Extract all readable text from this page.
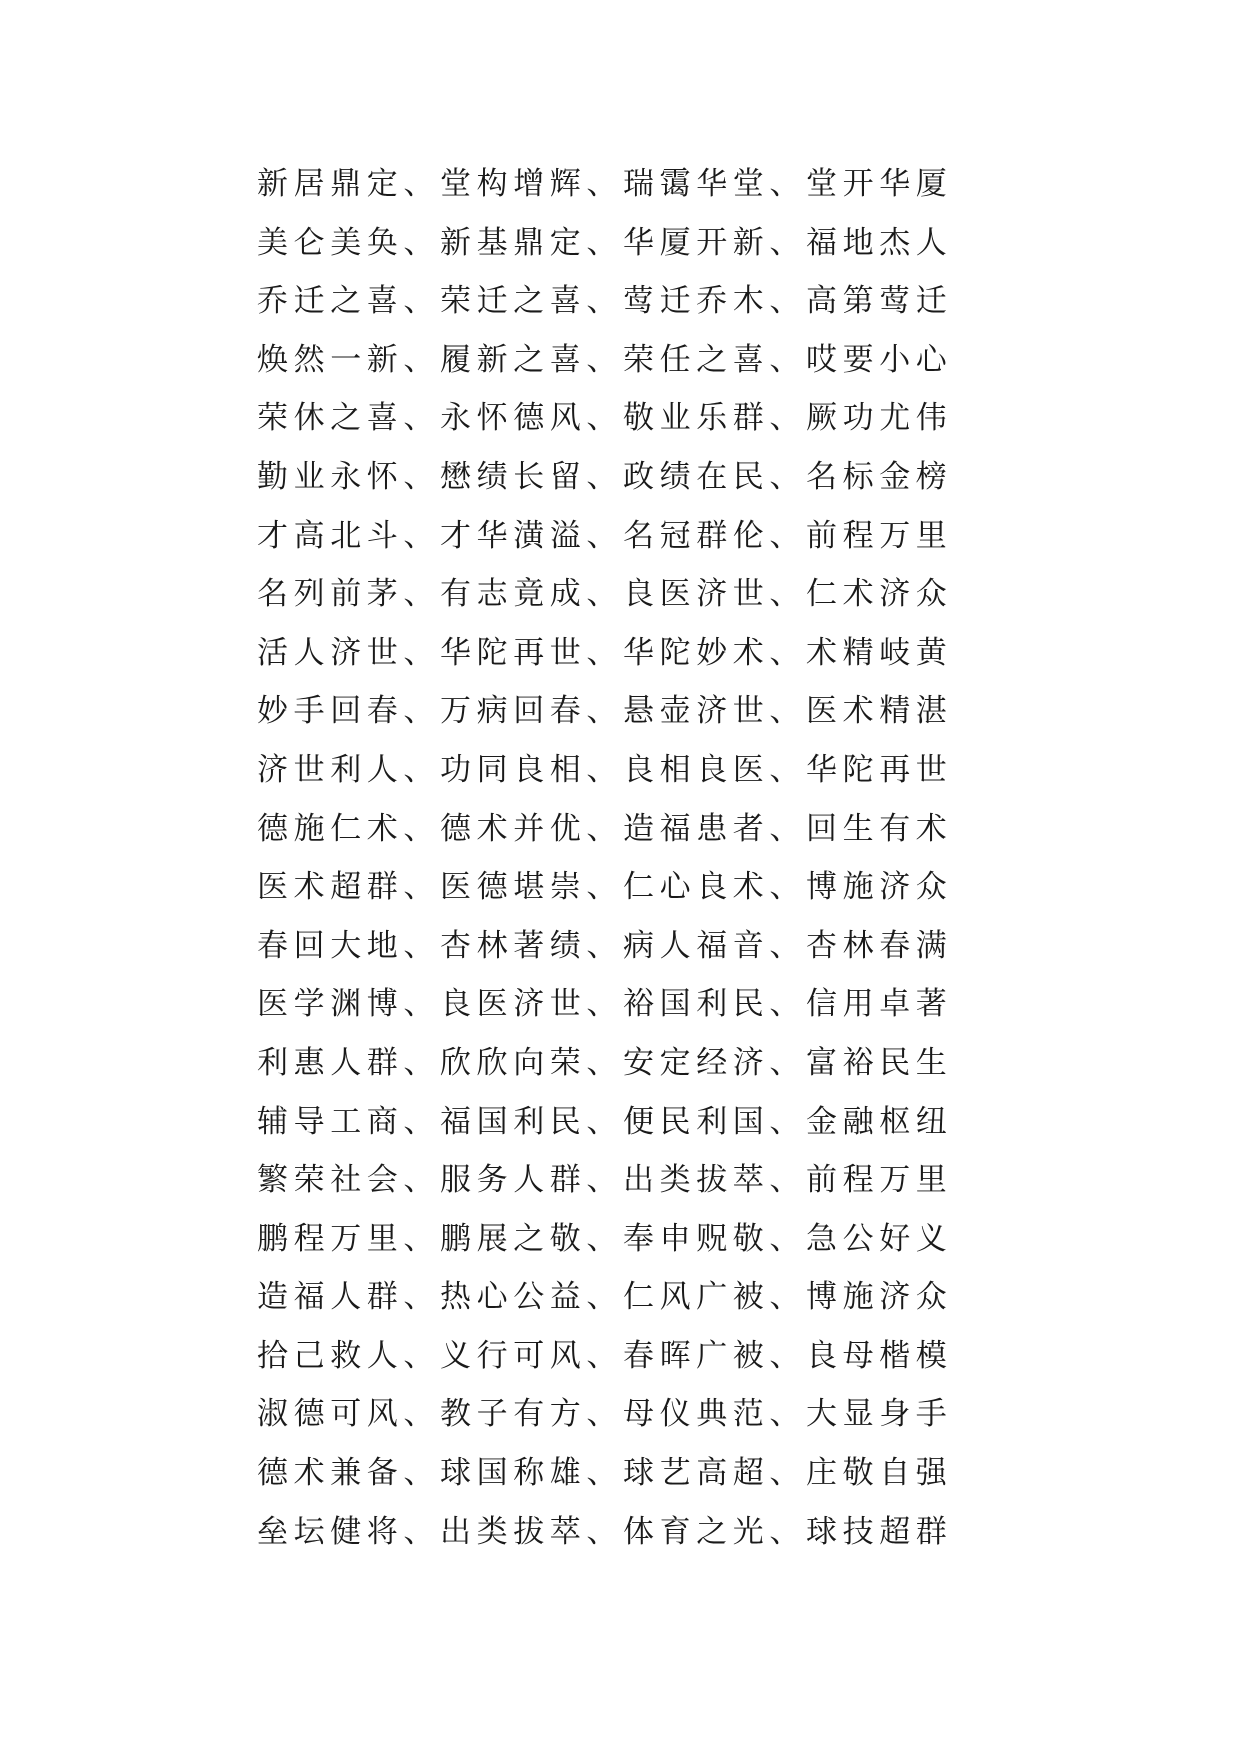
新居鼎定、堂构增辉、瑞霭华堂、堂开华厦
美仑美奂、新基鼎定、华厦开新、福地杰人
乔迁之喜、荣迁之喜、莺迁乔木、高第莺迁
焕然一新、履新之喜、荣任之喜、哎要小心
荣休之喜、永怀德风、敬业乐群、厥功尤伟
勤业永怀、懋绩长留、政绩在民、名标金榜
才高北斗、才华潢溢、名冠群伦、前程万里
名列前茅、有志竟成、良医济世、仁术济众
活人济世、华陀再世、华陀妙术、术精岐黄
妙手回春、万病回春、悬壶济世、医术精湛
济世利人、功同良相、良相良医、华陀再世
德施仁术、德术并优、造福患者、回生有术
医术超群、医德堪崇、仁心良术、博施济众
春回大地、杏林著绩、病人福音、杏林春满
医学渊博、良医济世、裕国利民、信用卓著
利惠人群、欣欣向荣、安定经济、富裕民生
辅导工商、福国利民、便民利国、金融枢纽
繁荣社会、服务人群、出类拔萃、前程万里
鹏程万里、鹏展之敬、奉申贶敬、急公好义
造福人群、热心公益、仁风广被、博施济众
拾己救人、义行可风、春晖广被、良母楷模
淑德可风、教子有方、母仪典范、大显身手
德术兼备、球国称雄、球艺高超、庄敬自强
垒坛健将、出类拔萃、体育之光、球技超群
